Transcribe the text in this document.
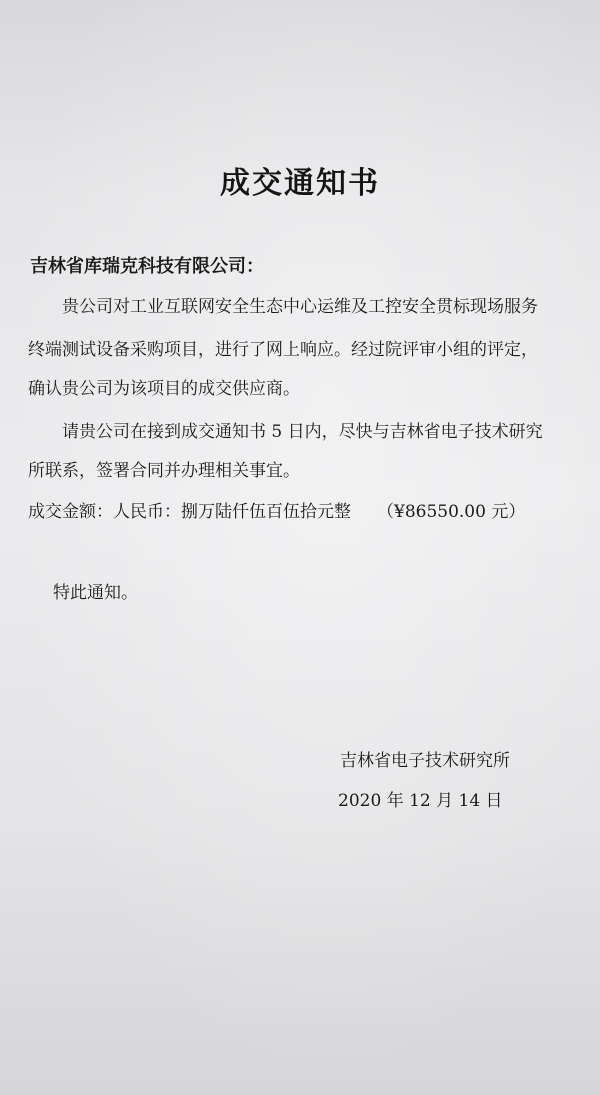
成交通知书
吉林省库瑞克科技有限公司：
贵公司对工业互联网安全生态中心运维及工控安全贯标现场服务
终端测试设备采购项目，进行了网上响应。经过院评审小组的评定，
确认贵公司为该项目的成交供应商。
请贵公司在接到成交通知书 5 日内，尽快与吉林省电子技术研究
所联系，签署合同并办理相关事宜。
成交金额：人民币：捌万陆仟伍百伍拾元整 （¥86550.00 元）
特此通知。
吉林省电子技术研究所
2020 年 12 月 14 日
